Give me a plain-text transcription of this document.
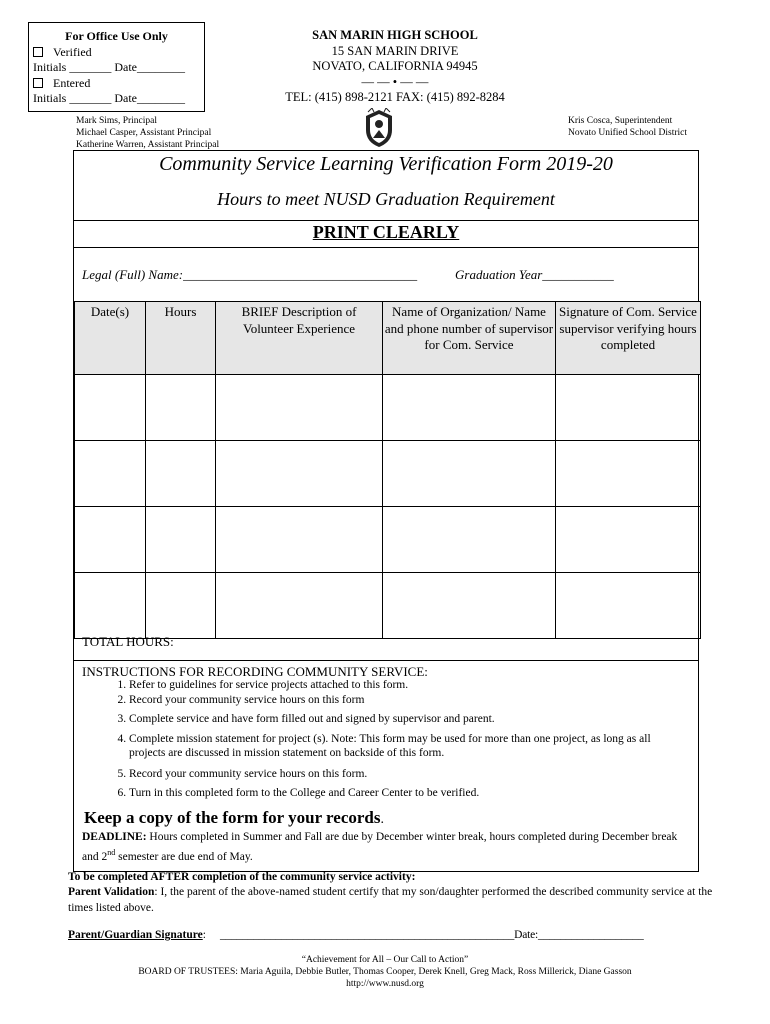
For Office Use Only
Verified
Initials _______ Date________
Entered
Initials _______ Date________
SAN MARIN HIGH SCHOOL
15 SAN MARIN DRIVE
NOVATO, CALIFORNIA 94945
— — • — —
TEL: (415) 898-2121 FAX: (415) 892-8284
Mark Sims, Principal
Michael Casper, Assistant Principal
Katherine Warren, Assistant Principal
Kris Cosca, Superintendent
Novato Unified School District
Community Service Learning Verification Form 2019-20
Hours to meet NUSD Graduation Requirement
PRINT CLEARLY
Legal (Full) Name:____________________________________	Graduation Year___________
Date(s)	Hours	BRIEF Description of Volunteer Experience	Name of Organization/ Name and phone number of supervisor for Com. Service	Signature of Com. Service supervisor verifying hours completed

TOTAL HOURS:
INSTRUCTIONS FOR RECORDING COMMUNITY SERVICE:
1. Refer to guidelines for service projects attached to this form.
2. Record your community service hours on this form
3. Complete service and have form filled out and signed by supervisor and parent.
4. Complete mission statement for project (s). Note: This form may be used for more than one project, as long as all projects are discussed in mission statement on backside of this form.
5. Record your community service hours on this form.
6. Turn in this completed form to the College and Career Center to be verified.
Keep a copy of the form for your records.
DEADLINE: Hours completed in Summer and Fall are due by December winter break, hours completed during December break and 2nd semester are due end of May.
To be completed AFTER completion of the community service activity:
Parent Validation: I, the parent of the above-named student certify that my son/daughter performed the described community service at the times listed above.
Parent/Guardian Signature: _____________________________________________________Date:___________________
“Achievement for All – Our Call to Action”
BOARD OF TRUSTEES: Maria Aguila, Debbie Butler, Thomas Cooper, Derek Knell, Greg Mack, Ross Millerick, Diane Gasson
http://www.nusd.org
